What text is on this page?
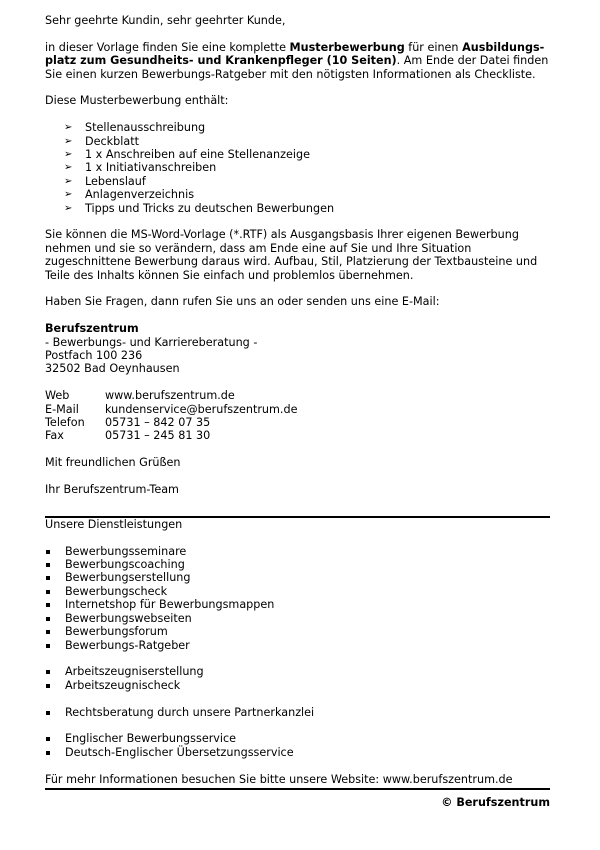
Sehr geehrte Kundin, sehr geehrter Kunde,

in dieser Vorlage finden Sie eine komplette Musterbewerbung für einen Ausbildungs-platz zum Gesundheits- und Krankenpfleger (10 Seiten). Am Ende der Datei finden Sie einen kurzen Bewerbungs-Ratgeber mit den nötigsten Informationen als Checkliste.

Diese Musterbewerbung enthält:

➢ Stellenausschreibung
➢ Deckblatt
➢ 1 x Anschreiben auf eine Stellenanzeige
➢ 1 x Initiativanschreiben
➢ Lebenslauf
➢ Anlagenverzeichnis
➢ Tipps und Tricks zu deutschen Bewerbungen

Sie können die MS-Word-Vorlage (*.RTF) als Ausgangsbasis Ihrer eigenen Bewerbung nehmen und sie so verändern, dass am Ende eine auf Sie und Ihre Situation zugeschnittene Bewerbung daraus wird. Aufbau, Stil, Platzierung der Textbausteine und Teile des Inhalts können Sie einfach und problemlos übernehmen.

Haben Sie Fragen, dann rufen Sie uns an oder senden uns eine E-Mail:

Berufszentrum

- Bewerbungs- und Karriereberatung -

Postfach 100 236

32502 Bad Oeynhausen

Web	www.berufszentrum.de
E-Mail	kundenservice@berufszentrum.de
Telefon	05731 – 842 07 35
Fax	05731 – 245 81 30

Mit freundlichen Grüßen

Ihr Berufszentrum-Team

Unsere Dienstleistungen

Bewerbungsseminare
Bewerbungscoaching
Bewerbungserstellung
Bewerbungscheck
Internetshop für Bewerbungsmappen
Bewerbungswebseiten
Bewerbungsforum
Bewerbungs-Ratgeber
Arbeitszeugniserstellung
Arbeitszeugnischeck
Rechtsberatung durch unsere Partnerkanzlei
Englischer Bewerbungsservice
Deutsch-Englischer Übersetzungsservice

Für mehr Informationen besuchen Sie bitte unsere Website: www.berufszentrum.de

© Berufszentrum
